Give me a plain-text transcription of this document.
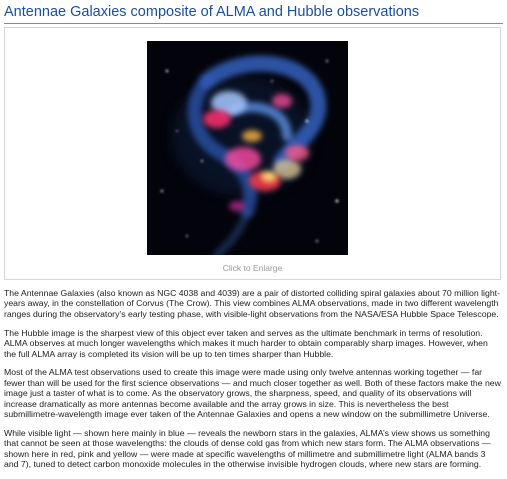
Antennae Galaxies composite of ALMA and Hubble observations
Click to Enlarge

The Antennae Galaxies (also known as NGC 4038 and 4039) are a pair of distorted colliding spiral galaxies about 70 million light-years away, in the constellation of Corvus (The Crow). This view combines ALMA observations, made in two different wavelength ranges during the observatory’s early testing phase, with visible-light observations from the NASA/ESA Hubble Space Telescope.

The Hubble image is the sharpest view of this object ever taken and serves as the ultimate benchmark in terms of resolution. ALMA observes at much longer wavelengths which makes it much harder to obtain comparably sharp images. However, when the full ALMA array is completed its vision will be up to ten times sharper than Hubble.

Most of the ALMA test observations used to create this image were made using only twelve antennas working together — far fewer than will be used for the first science observations — and much closer together as well. Both of these factors make the new image just a taster of what is to come. As the observatory grows, the sharpness, speed, and quality of its observations will increase dramatically as more antennas become available and the array grows in size. This is nevertheless the best submillimetre-wavelength image ever taken of the Antennae Galaxies and opens a new window on the submillimetre Universe.

While visible light — shown here mainly in blue — reveals the newborn stars in the galaxies, ALMA’s view shows us something that cannot be seen at those wavelengths: the clouds of dense cold gas from which new stars form. The ALMA observations — shown here in red, pink and yellow — were made at specific wavelengths of millimetre and submillimetre light (ALMA bands 3 and 7), tuned to detect carbon monoxide molecules in the otherwise invisible hydrogen clouds, where new stars are forming.
